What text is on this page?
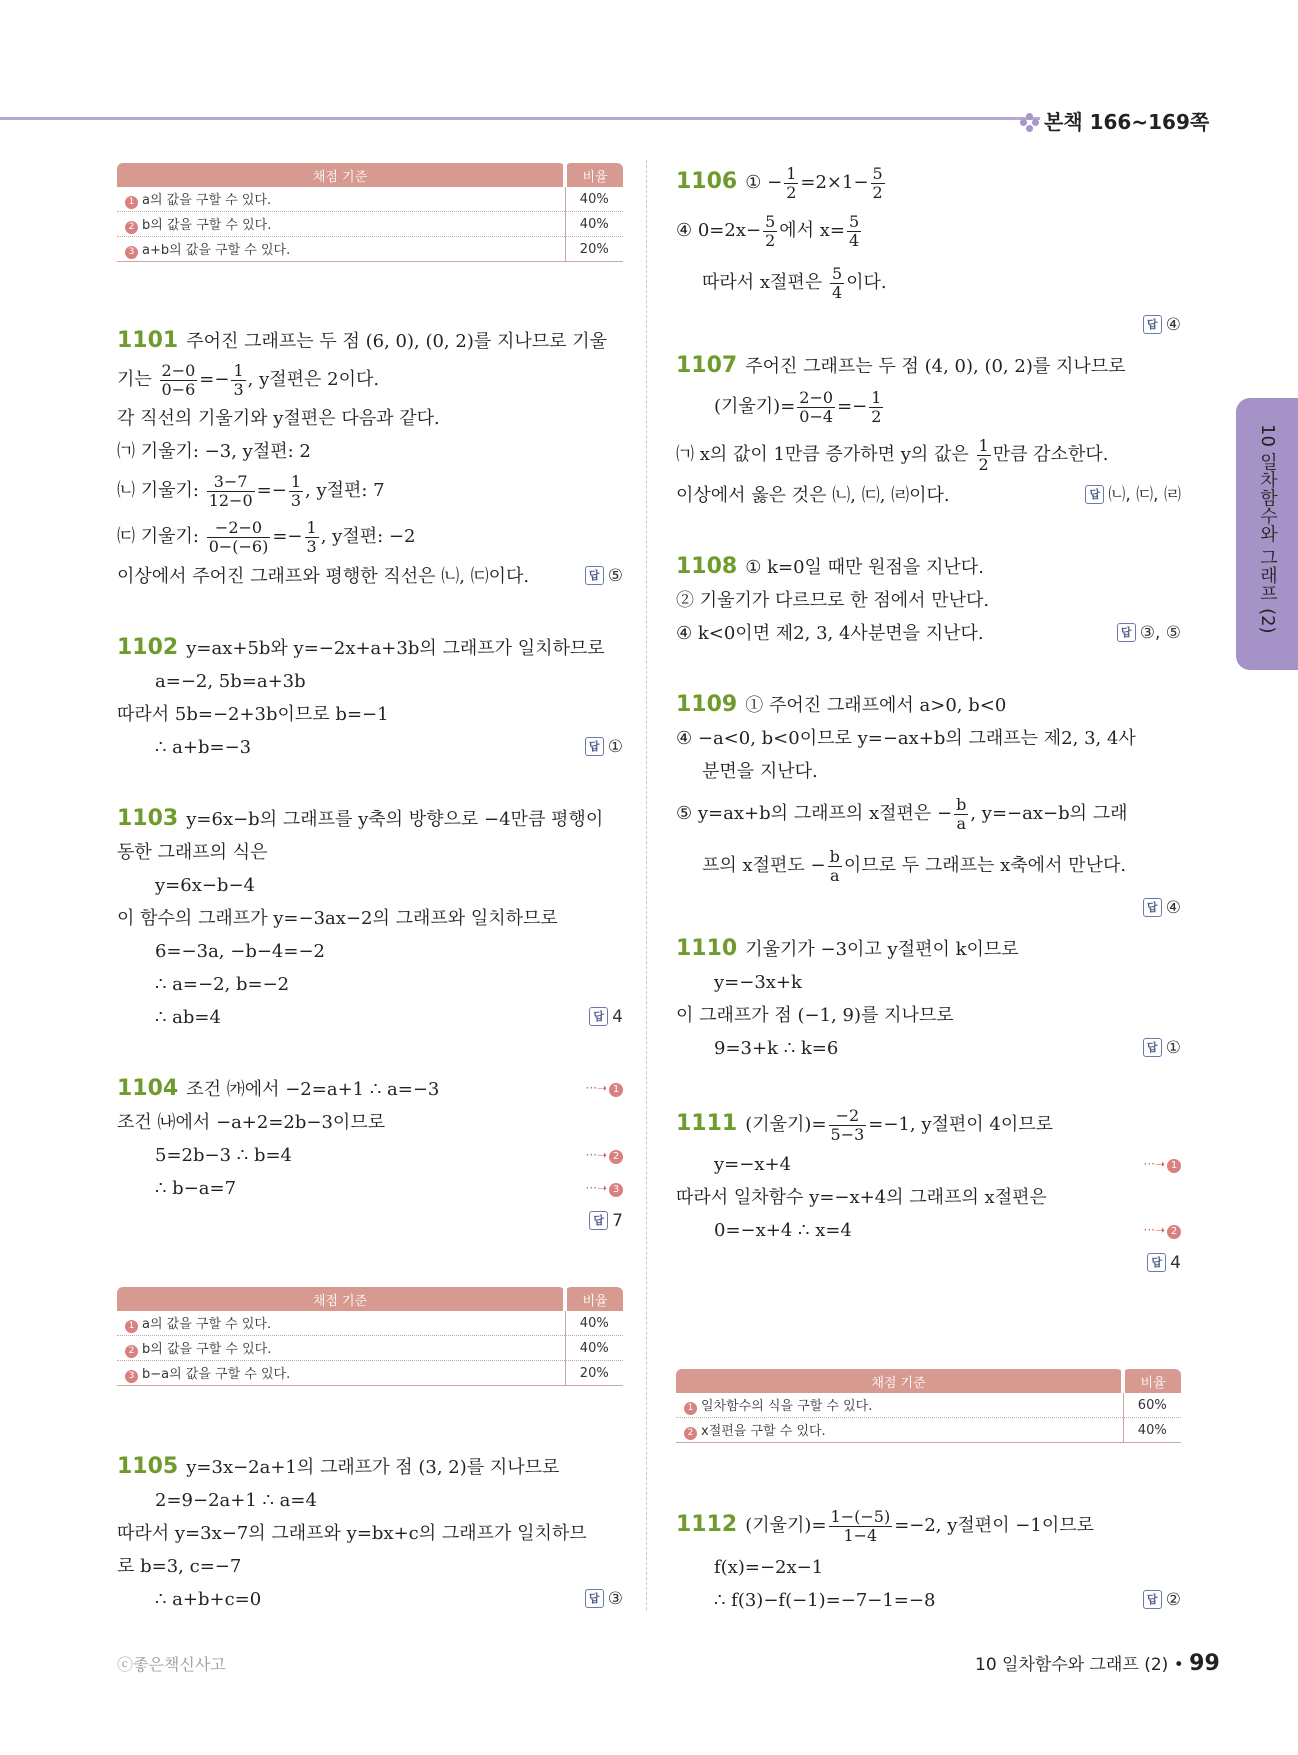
본책 166~169쪽
채점 기준	비율
1 a의 값을 구할 수 있다.	40%
2 b의 값을 구할 수 있다.	40%
3 a+b의 값을 구할 수 있다.	20%

1101 주어진 그래프는 두 점 (6, 0), (0, 2)를 지나므로 기울

기는 $\frac{2-0}{0-6} =- \frac{1}{3}$ , y절편은 2이다.

각 직선의 기울기와 y절편은 다음과 같다.

㈀ 기울기: −3, y절편: 2

㈁ 기울기: $\frac{3-7}{12-0} =- \frac{1}{3}$ , y절편: 7

㈂ 기울기: $\frac{-2-0}{0-(-6)} =- \frac{1}{3}$ , y절편: −2

이상에서 주어진 그래프와 평행한 직선은 ㈁, ㈂이다.	답 ⑤

1102 y=ax+5b와 y=−2x+a+3b의 그래프가 일치하므로

a=−2, 5b=a+3b

따라서 5b=−2+3b이므로 b=−1

∴ a+b=−3	답 ①

1103 y=6x−b의 그래프를 y축의 방향으로 −4만큼 평행이

동한 그래프의 식은

y=6x−b−4

이 함수의 그래프가 y=−3ax−2의 그래프와 일치하므로

6=−3a, −b−4=−2

∴ a=−2, b=−2

∴ ab=4	답 4

1104 조건 ㈎에서 −2=a+1 ∴ a=−3	···➝ 1

조건 ㈏에서 −a+2=2b−3이므로

5=2b−3 ∴ b=4	···➝ 2

∴ b−a=7	···➝ 3

답 7

채점 기준	비율
1 a의 값을 구할 수 있다.	40%
2 b의 값을 구할 수 있다.	40%
3 b−a의 값을 구할 수 있다.	20%

1105 y=3x−2a+1의 그래프가 점 (3, 2)를 지나므로

2=9−2a+1 ∴ a=4

따라서 y=3x−7의 그래프와 y=bx+c의 그래프가 일치하므

로 b=3, c=−7

∴ a+b+c=0	답 ③

1106 ① − $\frac{1}{2} =2\times 1- \frac{5}{2}$

④ $0=2x- \frac{5}{2}$ 에서 $x= \frac{5}{4}$

따라서 x절편은 $\frac{5}{4}$ 이다.

답 ④

1107 주어진 그래프는 두 점 (4, 0), (0, 2)를 지나므로

(기울기)= $\frac{2-0}{0-4} =- \frac{1}{2}$

㈀ x의 값이 1만큼 증가하면 y의 값은 $\frac{1}{2}$ 만큼 감소한다.

이상에서 옳은 것은 ㈁, ㈂, ㈃이다.	답 ㈁, ㈂, ㈃

1108 ① k=0일 때만 원점을 지난다.

② 기울기가 다르므로 한 점에서 만난다.

④ k<0이면 제2, 3, 4사분면을 지난다.	답 ③, ⑤

1109 ① 주어진 그래프에서 a>0, b<0

④ −a<0, b<0이므로 y=−ax+b의 그래프는 제2, 3, 4사

분면을 지난다.

⑤ y=ax+b의 그래프의 x절편은 − $\frac{b}{a}$ , y=−ax−b의 그래

프의 x절편도 − $\frac{b}{a}$ 이므로 두 그래프는 x축에서 만난다.

답 ④

1110 기울기가 −3이고 y절편이 k이므로

y=−3x+k

이 그래프가 점 (−1, 9)를 지나므로

9=3+k ∴ k=6	답 ①

1111 (기울기)= $\frac{-2}{5-3} =-1$, y절편이 4이므로

y=−x+4	···➝ 1

따라서 일차함수 y=−x+4의 그래프의 x절편은

0=−x+4 ∴ x=4	···➝ 2

답 4

채점 기준	비율
1 일차함수의 식을 구할 수 있다.	60%
2 x절편을 구할 수 있다.	40%

1112 (기울기)= $\frac{1-(-5)}{1-4} =-2$, y절편이 −1이므로

f(x)=−2x−1

∴ f(3)−f(−1)=−7−1=−8	답 ②

10 일차함수와 그래프 (2)
ⓒ좋은책신사고	10 일차함수와 그래프 (2) • 99
